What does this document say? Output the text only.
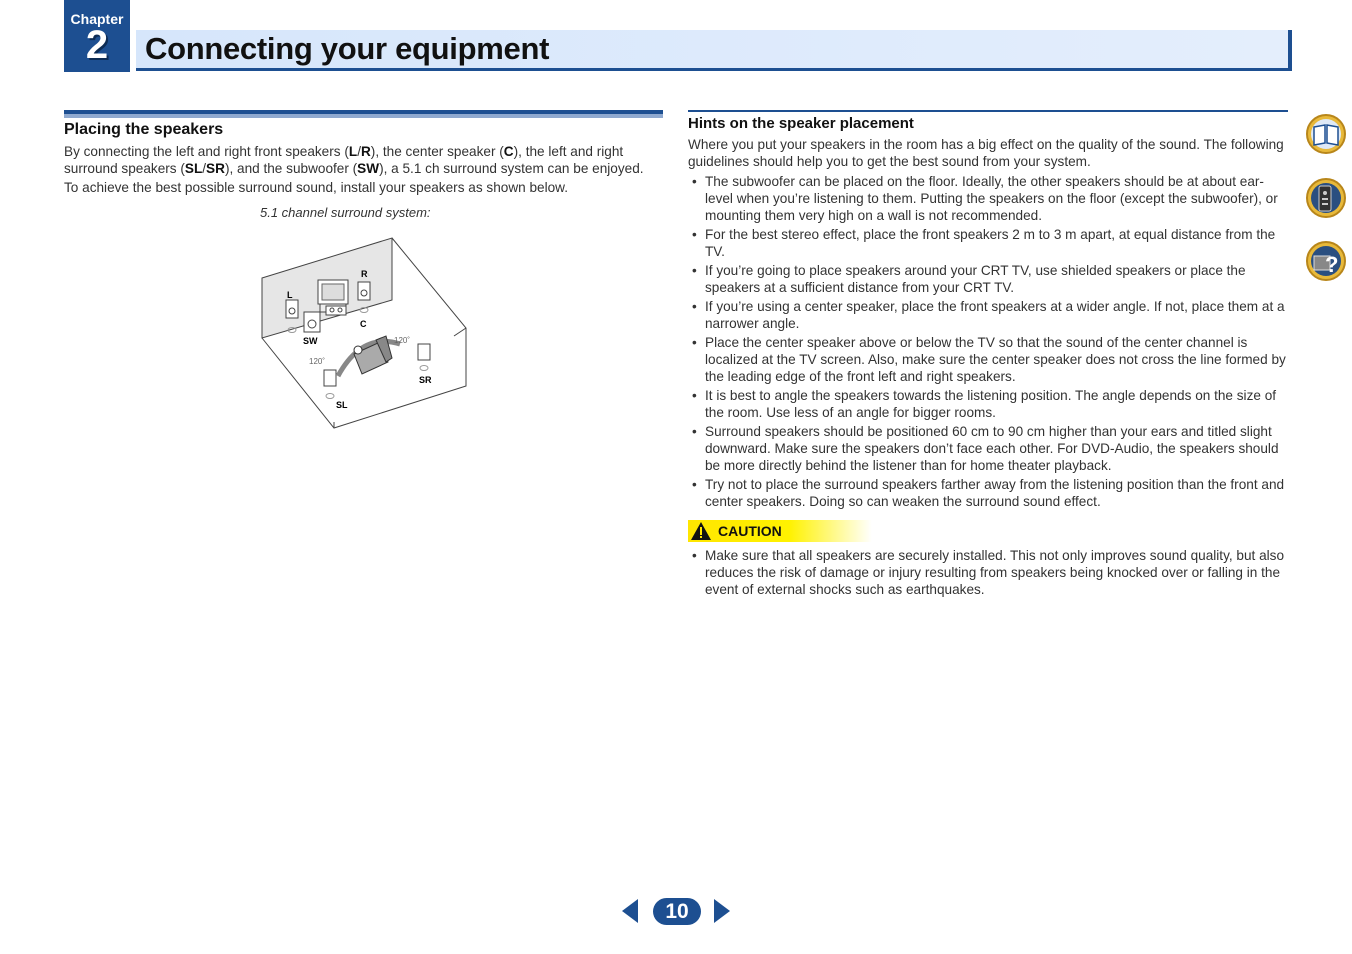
Chapter
2	Connecting your equipment
Placing the speakers

By connecting the left and right front speakers (L/R), the center speaker (C), the left and right surround speakers (SL/SR), and the subwoofer (SW), a 5.1 ch surround system can be enjoyed.

To achieve the best possible surround sound, install your speakers as shown below.

5.1 channel surround system:
L
R
C
SW
SL
SR
120˚
120˚
Hints on the speaker placement

Where you put your speakers in the room has a big effect on the quality of the sound. The following guidelines should help you to get the best sound from your system.

• The subwoofer can be placed on the floor. Ideally, the other speakers should be at about ear-level when you’re listening to them. Putting the speakers on the floor (except the subwoofer), or mounting them very high on a wall is not recommended.
• For the best stereo effect, place the front speakers 2 m to 3 m apart, at equal distance from the TV.
• If you’re going to place speakers around your CRT TV, use shielded speakers or place the speakers at a sufficient distance from your CRT TV.
• If you’re using a center speaker, place the front speakers at a wider angle. If not, place them at a narrower angle.
• Place the center speaker above or below the TV so that the sound of the center channel is localized at the TV screen. Also, make sure the center speaker does not cross the line formed by the leading edge of the front left and right speakers.
• It is best to angle the speakers towards the listening position. The angle depends on the size of the room. Use less of an angle for bigger rooms.
• Surround speakers should be positioned 60 cm to 90 cm higher than your ears and titled slight downward. Make sure the speakers don’t face each other. For DVD-Audio, the speakers should be more directly behind the listener than for home theater playback.
• Try not to place the surround speakers farther away from the listening position than the front and center speakers. Doing so can weaken the surround sound effect.
CAUTION
• Make sure that all speakers are securely installed. This not only improves sound quality, but also reduces the risk of damage or injury resulting from speakers being knocked over or falling in the event of external shocks such as earthquakes.
?
10
